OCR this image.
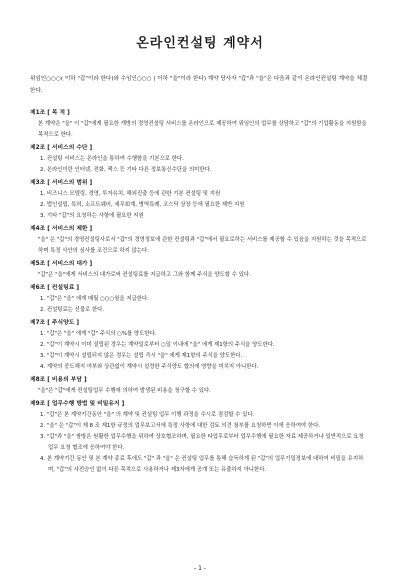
온라인컨설팅 계약서
위임인○○○( 이하 "갑"이라 한다)와 수임인○○○ ( 이하 "을"이라 한다) 계약 당사자 "갑"과 "을"은 다음과 같이 온라인컨설팅 계약을 체결한다.
제1조 [ 목 적 ]
본 계약은 "을" 이 "갑"에게 필요한 개방의 경영컨설팅 서비스를 온라인으로 제공하여 위임인의 업무를 상담하고 "갑"의 기업활동을 지원함을 목적으로 한다.
제2조 [ 서비스의 수단 ]
1. 컨설팅 서비스는 온라인을 통하여 수행함을 기본으로 한다.
2. 온라인이란 인터넷, 전화, 팩스 등 기타 다른 정보통신수단을 의미한다.
제3조 [ 서비스의 범위 ]
1. 비즈니스 모델링, 경영, 투자유치, 해외진출 등에 관한 기본 컨설팅 및 지원
2. 법인설립, 특허, 소프트웨어, 세무회계, 병역특례, 코스닥 상장 등에 필요한 제반 지원
3. 기타 "갑"의 요청하는 사항에 필요한 지원
제4조 [ 서비스의 제한 ]
"을" 은 "갑"의 경영컨설팅사로서 "갑"의 경영정보에 관한 컨설팅과 "갑"에서 필요로하는 서비스를 제공할 수 있음을 지원하는 것을 목적으로 하며 특정 사안의 심사를 조건으로 하지 않는다.
제5조 [ 서비스의 대가 ]
"갑"은 "을"에게 서비스의 대가로써 컨설팅료를 지급하고 그와 함께 주식을 양도할 수 있다.
제6조 [ 컨설팅료 ]
1. "갑"은 "을" 에게 매월 ○○○원을 지급한다.
2. 컨설팅료는 선불로 한다.
제7조 [ 주식양도 ]
1. "갑"은 "을" 에게 "갑" 주식의 ○%를 양도한다.
2. "갑"이 계약시 이미 설립된 경우는 계약일로부터 ○일 이내에 "을" 에게 제1항의 주식을 양도한다.
3. "갑"이 계약시 설립되지 않은 경우는 설립 즉시 "을" 에게 제1항의 주식을 양도한다.
4. 계약의 중도해지 여부와 상관없이 계약시 설정한 주식양도 합의에 영향을 미치지 아니한다.
제8조 [ 비용의 부담 ]
"을"은 "갑"에게 컨설팅업무 수행에 의하여 발생된 비용을 청구할 수 있다.
제9조 [ 업무수행 방법 및 비밀유지 ]
1. "갑"은 본 계약기간동안 "을" 의 계약 및 컨설팅 업무 이행 과정을 수시로 점검할 수 있다.
2. "을" 은 "갑"이 제 8 조 제1항 규정의 업무보고서에 특정 사항에 대한 검토 의견 첨부를 요청하면 이에 응하여야 한다.
3. "갑"과 "을" 쌍방은 원활한 업무수행을 위하여 상호협조하며, 필요한 타업무로부터 업무수행에 필요한 자료 제공하거나 일반적으로 요청 업무 요청 협조에 응하여야 한다.
4. 본 계약기간 동안 및 본 계약 종료 후에도 "갑" 과 "을" 은 컨설팅 업무를 통해 습득하게 된 "갑"의 업무기밀정보에 대하여 비밀을 유지하며, "갑"의 사전승인 없이 다른 목적으로 사용하거나 제3자에게 공개 또는 유출하지 아니한다.
- 1 -
